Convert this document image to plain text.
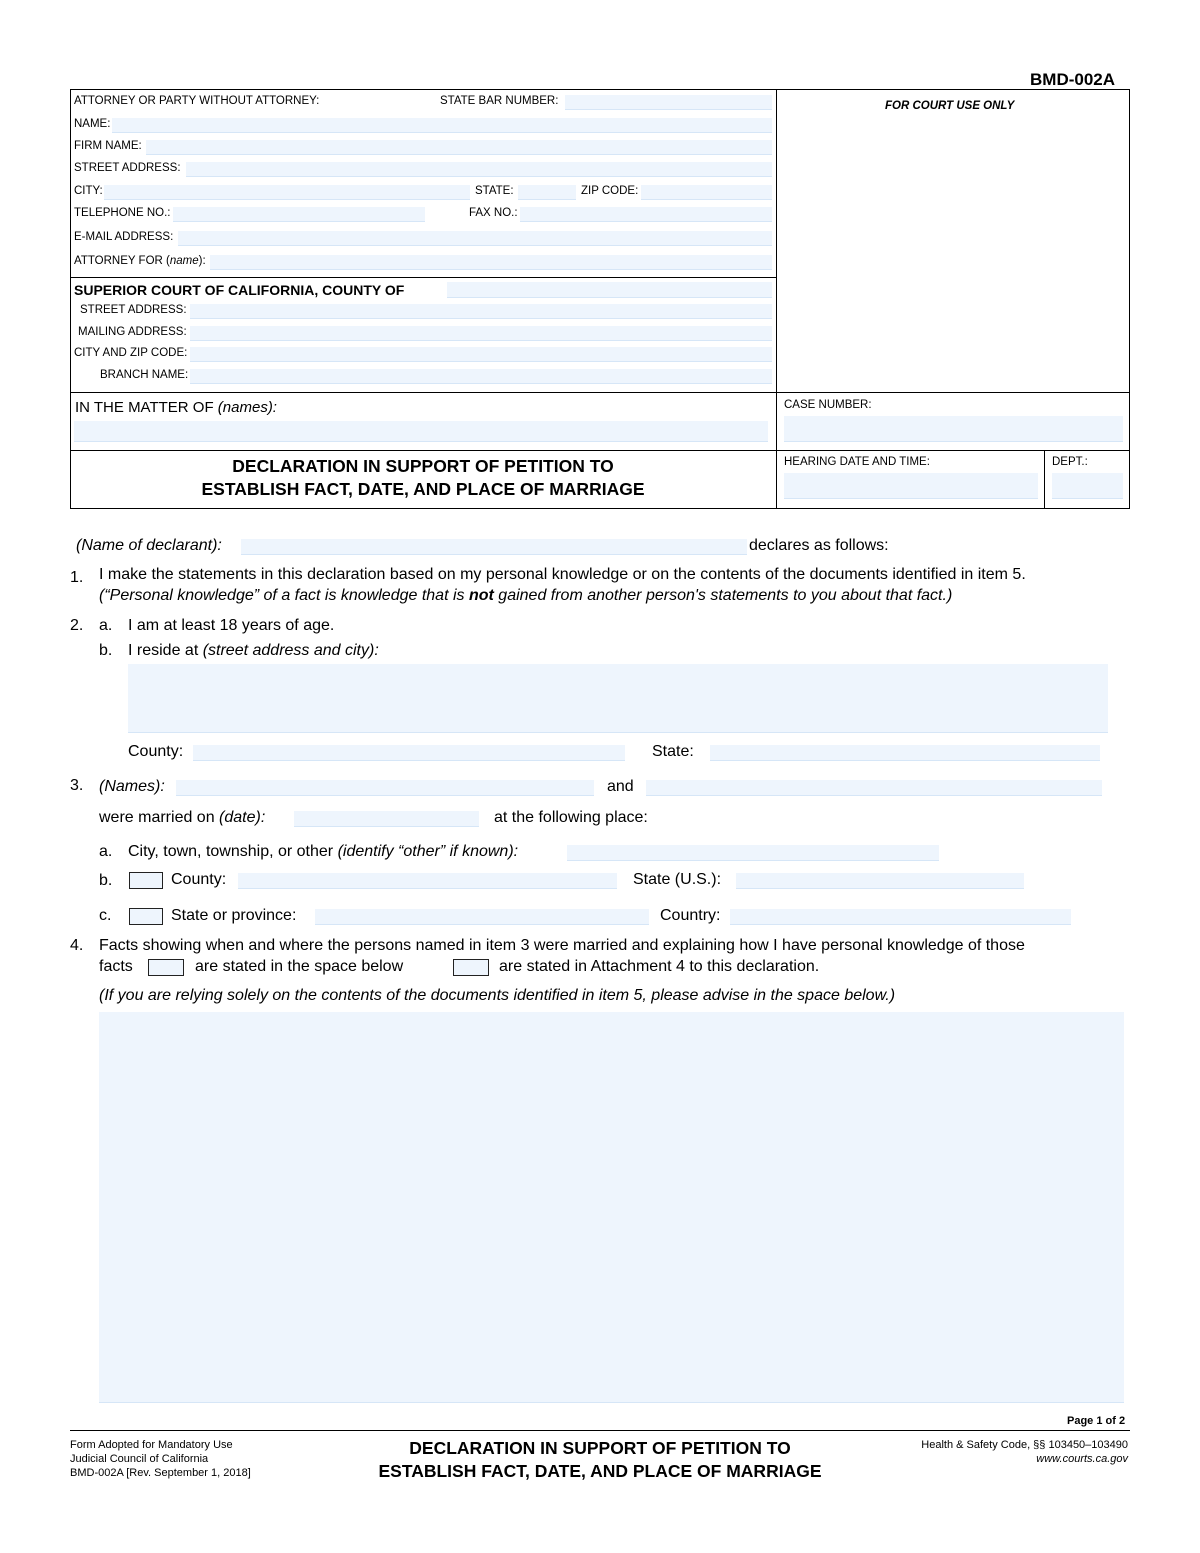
BMD-002A
ATTORNEY OR PARTY WITHOUT ATTORNEY:	STATE BAR NUMBER:
NAME:
FIRM NAME:
STREET ADDRESS:
CITY:	STATE:	ZIP CODE:
TELEPHONE NO.:	FAX NO.:
E-MAIL ADDRESS:
ATTORNEY FOR (name):
FOR COURT USE ONLY
SUPERIOR COURT OF CALIFORNIA, COUNTY OF
STREET ADDRESS:
MAILING ADDRESS:
CITY AND ZIP CODE:
BRANCH NAME:
IN THE MATTER OF (names):	CASE NUMBER:
DECLARATION IN SUPPORT OF PETITION TO
ESTABLISH FACT, DATE, AND PLACE OF MARRIAGE
HEARING DATE AND TIME:	DEPT.:
(Name of declarant):	declares as follows:
1. I make the statements in this declaration based on my personal knowledge or on the contents of the documents identified in item 5.
(“Personal knowledge” of a fact is knowledge that is not gained from another person's statements to you about that fact.)
2. a. I am at least 18 years of age.
b. I reside at (street address and city):
County:	State:
3. (Names):	and
were married on (date):	at the following place:
a. City, town, township, or other (identify “other” if known):
b.	County:	State (U.S.):
c.	State or province:	Country:
4. Facts showing when and where the persons named in item 3 were married and explaining how I have personal knowledge of those
facts	are stated in the space below	are stated in Attachment 4 to this declaration.
(If you are relying solely on the contents of the documents identified in item 5, please advise in the space below.)
Page 1 of 2
Form Adopted for Mandatory Use
Judicial Council of California
BMD-002A [Rev. September 1, 2018]
DECLARATION IN SUPPORT OF PETITION TO
ESTABLISH FACT, DATE, AND PLACE OF MARRIAGE
Health & Safety Code, §§ 103450–103490
www.courts.ca.gov
